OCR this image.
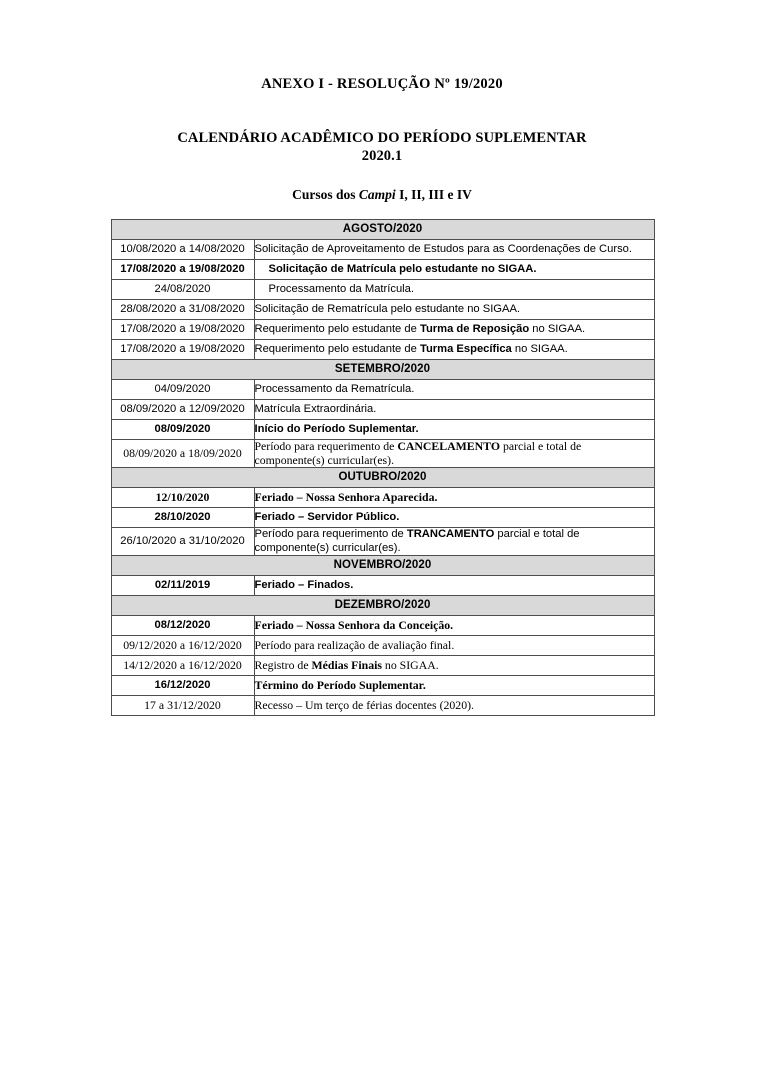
ANEXO I - RESOLUÇÃO Nº 19/2020
CALENDÁRIO ACADÊMICO DO PERÍODO SUPLEMENTAR
2020.1
Cursos dos Campi I, II, III e IV
AGOSTO/2020	
10/08/2020 a 14/08/2020	Solicitação de Aproveitamento de Estudos para as Coordenações de Curso.
17/08/2020 a 19/08/2020	Solicitação de Matrícula pelo estudante no SIGAA.
24/08/2020	Processamento da Matrícula.
28/08/2020 a 31/08/2020	Solicitação de Rematrícula pelo estudante no SIGAA.
17/08/2020 a 19/08/2020	Requerimento pelo estudante de Turma de Reposição no SIGAA.
17/08/2020 a 19/08/2020	Requerimento pelo estudante de Turma Específica no SIGAA.
SETEMBRO/2020	
04/09/2020	Processamento da Rematrícula.
08/09/2020 a 12/09/2020	Matrícula Extraordinária.
08/09/2020	Início do Período Suplementar.
08/09/2020 a 18/09/2020	Período para requerimento de CANCELAMENTO parcial e total de componente(s) curricular(es).
OUTUBRO/2020	
12/10/2020	Feriado – Nossa Senhora Aparecida.
28/10/2020	Feriado – Servidor Público.
26/10/2020 a 31/10/2020	Período para requerimento de TRANCAMENTO parcial e total de componente(s) curricular(es).
NOVEMBRO/2020	
02/11/2019	Feriado – Finados.
DEZEMBRO/2020	
08/12/2020	Feriado – Nossa Senhora da Conceição.
09/12/2020 a 16/12/2020	Período para realização de avaliação final.
14/12/2020 a 16/12/2020	Registro de Médias Finais no SIGAA.
16/12/2020	Término do Período Suplementar.
17 a 31/12/2020	Recesso – Um terço de férias docentes (2020).
